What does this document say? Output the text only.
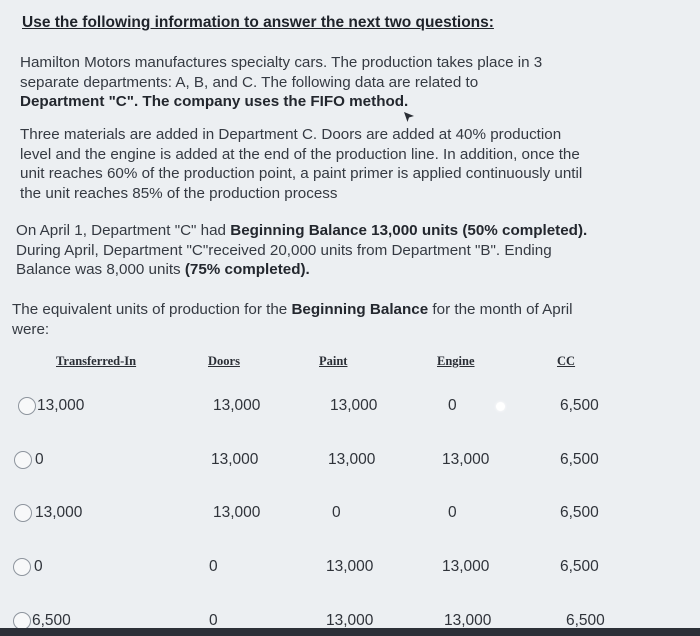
Use the following information to answer the next two questions:
Hamilton Motors manufactures specialty cars. The production takes place in 3
separate departments: A, B, and C. The following data are related to
Department "C". The company uses the FIFO method.
Three materials are added in Department C. Doors are added at 40% production
level and the engine is added at the end of the production line. In addition, once the
unit reaches 60% of the production point, a paint primer is applied continuously until
the unit reaches 85% of the production process
On April 1, Department "C" had Beginning Balance 13,000 units (50% completed).
During April, Department "C"received 20,000 units from Department "B". Ending
Balance was 8,000 units (75% completed).
The equivalent units of production for the Beginning Balance for the month of April
were:
Transferred-In	Doors	Paint	Engine	CC
13,000	13,000	13,000	0	6,500
0	13,000	13,000	13,000	6,500
13,000	13,000	0	0	6,500
0	0	13,000	13,000	6,500
6,500	0	13,000	13,000	6,500
